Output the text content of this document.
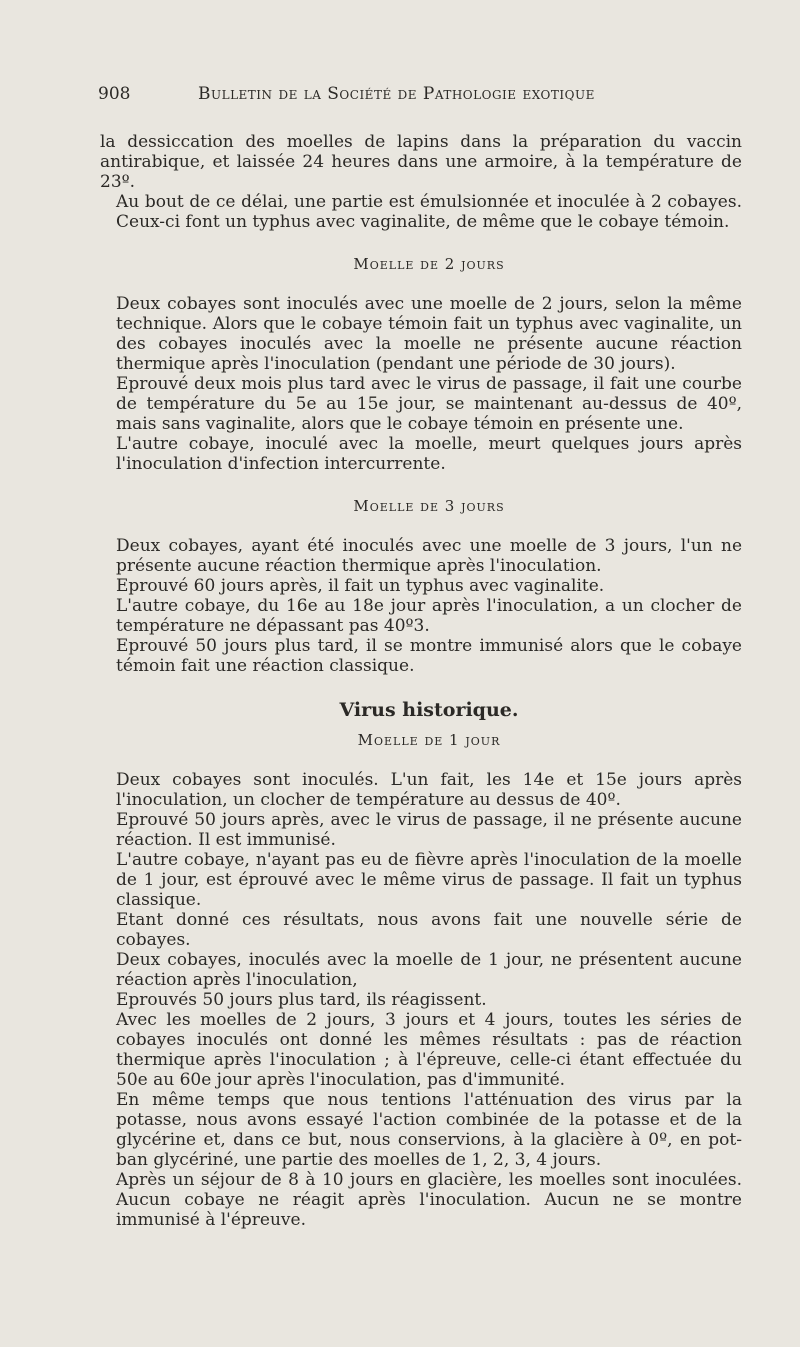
908	Bulletin de la Société de Pathologie exotique

la dessiccation des moelles de lapins dans la préparation du vaccin antirabique, et laissée 24 heures dans une armoire, à la température de 23º.

Au bout de ce délai, une partie est émulsionnée et inoculée à 2 cobayes. Ceux-ci font un typhus avec vaginalite, de même que le cobaye témoin.

Moelle de 2 jours

Deux cobayes sont inoculés avec une moelle de 2 jours, selon la même technique. Alors que le cobaye témoin fait un typhus avec vaginalite, un des cobayes inoculés avec la moelle ne présente aucune réaction thermique après l'inoculation (pendant une période de 30 jours).

Eprouvé deux mois plus tard avec le virus de passage, il fait une courbe de température du 5e au 15e jour, se maintenant au-dessus de 40º, mais sans vaginalite, alors que le cobaye témoin en présente une.

L'autre cobaye, inoculé avec la moelle, meurt quelques jours après l'inoculation d'infection intercurrente.

Moelle de 3 jours

Deux cobayes, ayant été inoculés avec une moelle de 3 jours, l'un ne présente aucune réaction thermique après l'inoculation.

Eprouvé 60 jours après, il fait un typhus avec vaginalite.

L'autre cobaye, du 16e au 18e jour après l'inoculation, a un clocher de température ne dépassant pas 40º3.

Eprouvé 50 jours plus tard, il se montre immunisé alors que le cobaye témoin fait une réaction classique.

Virus historique.

Moelle de 1 jour

Deux cobayes sont inoculés. L'un fait, les 14e et 15e jours après l'inoculation, un clocher de température au dessus de 40º.

Eprouvé 50 jours après, avec le virus de passage, il ne présente aucune réaction. Il est immunisé.

L'autre cobaye, n'ayant pas eu de fièvre après l'inoculation de la moelle de 1 jour, est éprouvé avec le même virus de passage. Il fait un typhus classique.

Etant donné ces résultats, nous avons fait une nouvelle série de cobayes.

Deux cobayes, inoculés avec la moelle de 1 jour, ne présentent aucune réaction après l'inoculation,

Eprouvés 50 jours plus tard, ils réagissent.

Avec les moelles de 2 jours, 3 jours et 4 jours, toutes les séries de cobayes inoculés ont donné les mêmes résultats : pas de réaction thermique après l'inoculation ; à l'épreuve, celle-ci étant effectuée du 50e au 60e jour après l'inoculation, pas d'immunité.

En même temps que nous tentions l'atténuation des virus par la potasse, nous avons essayé l'action combinée de la potasse et de la glycérine et, dans ce but, nous conservions, à la glacière à 0º, en pot-ban glycériné, une partie des moelles de 1, 2, 3, 4 jours.

Après un séjour de 8 à 10 jours en glacière, les moelles sont inoculées. Aucun cobaye ne réagit après l'inoculation. Aucun ne se montre immunisé à l'épreuve.
